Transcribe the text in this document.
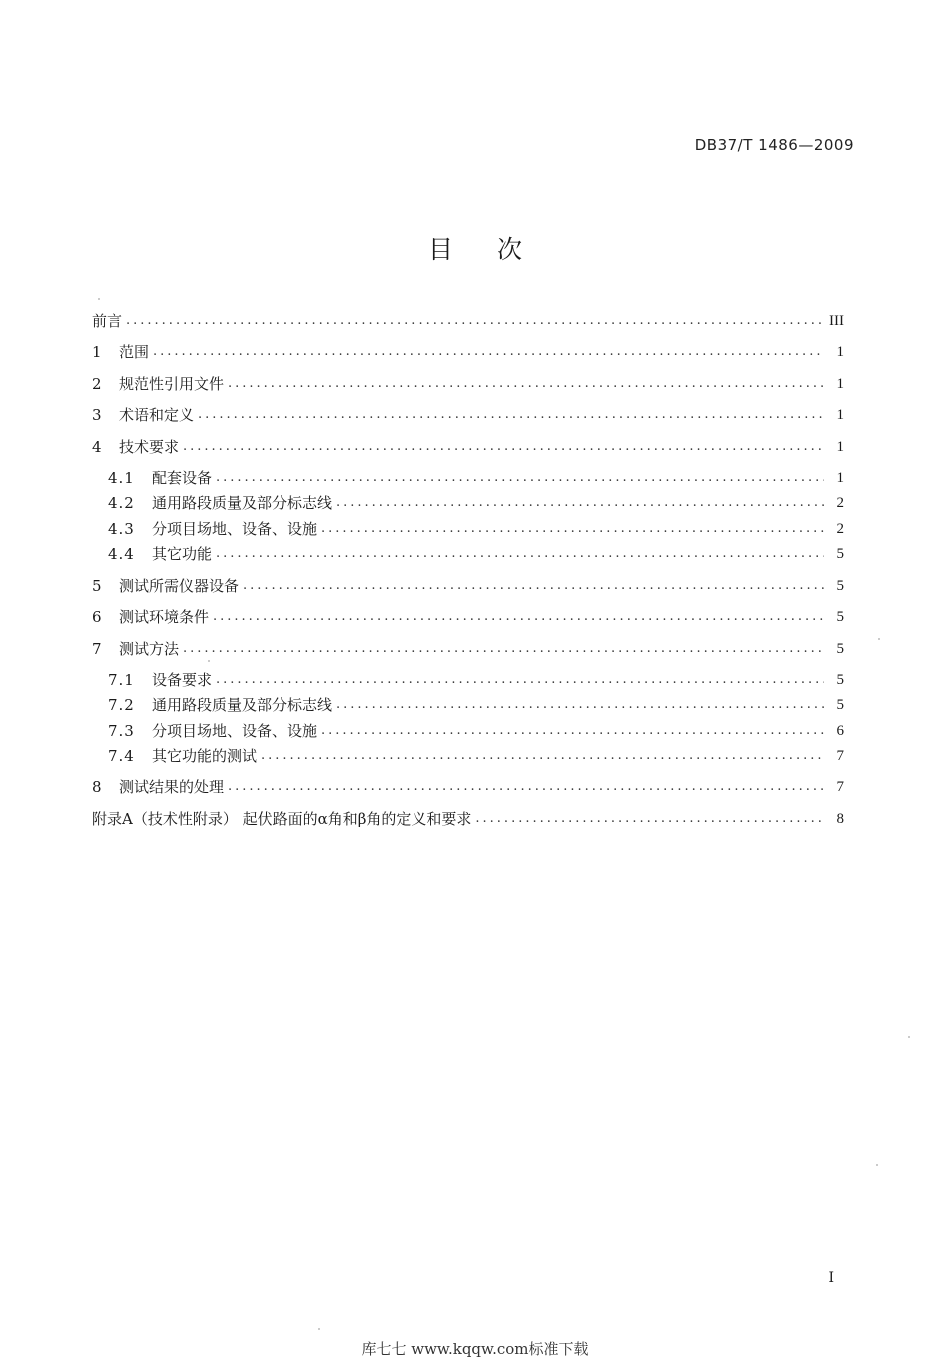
DB37/T 1486—2009
目次
前言 .....	III
1	范围 .....	1
2	规范性引用文件 .....	1
3	术语和定义 .....	1
4	技术要求 .....	1
4.1	配套设备 .....	1
4.2	通用路段质量及部分标志线 .....	2
4.3	分项目场地、设备、设施 .....	2
4.4	其它功能 .....	5
5	测试所需仪器设备 .....	5
6	测试环境条件 .....	5
7	测试方法 .....	5
7.1	设备要求 .....	5
7.2	通用路段质量及部分标志线 .....	5
7.3	分项目场地、设备、设施 .....	6
7.4	其它功能的测试 .....	7
8	测试结果的处理 .....	7
附录A（技术性附录） 起伏路面的α角和β角的定义和要求 .....	8
I
库七七 www.kqqw.com标准下载
